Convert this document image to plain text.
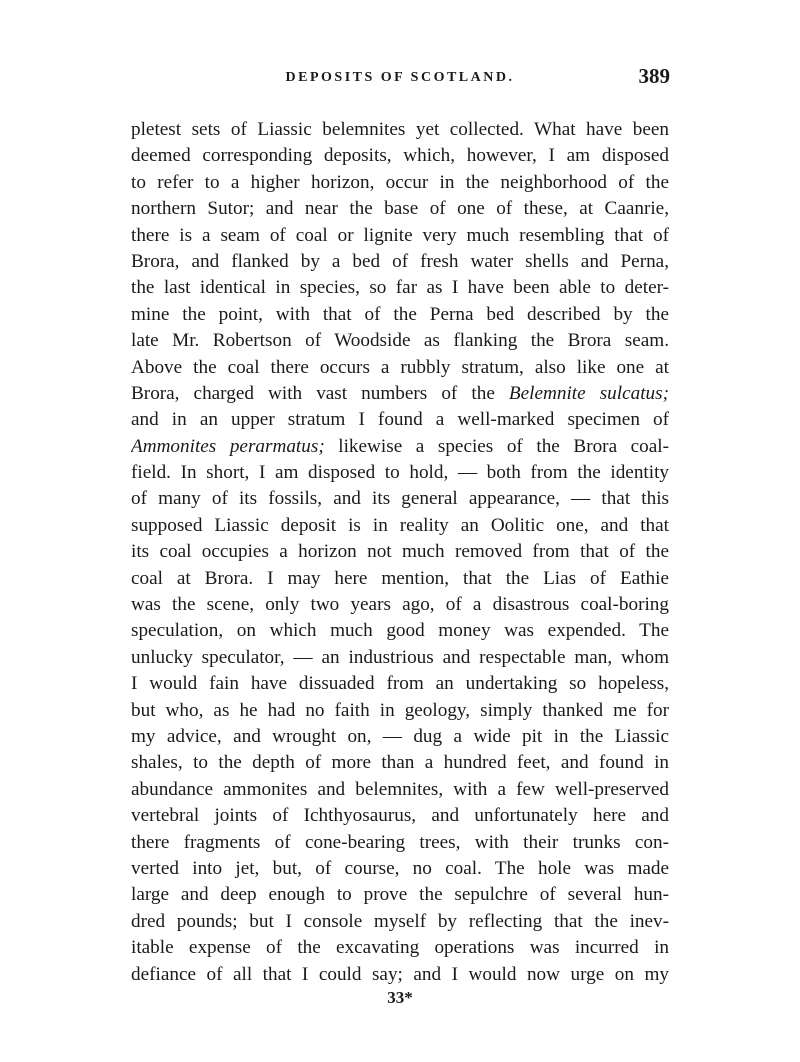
DEPOSITS OF SCOTLAND.	389
pletest sets of Liassic belemnites yet collected. What have been
deemed corresponding deposits, which, however, I am disposed
to refer to a higher horizon, occur in the neighborhood of the
northern Sutor; and near the base of one of these, at Caanrie,
there is a seam of coal or lignite very much resembling that of
Brora, and flanked by a bed of fresh water shells and Perna,
the last identical in species, so far as I have been able to deter-
mine the point, with that of the Perna bed described by the
late Mr. Robertson of Woodside as flanking the Brora seam.
Above the coal there occurs a rubbly stratum, also like one at
Brora, charged with vast numbers of the Belemnite sulcatus;
and in an upper stratum I found a well-marked specimen of
Ammonites perarmatus; likewise a species of the Brora coal-
field. In short, I am disposed to hold, — both from the identity
of many of its fossils, and its general appearance, — that this
supposed Liassic deposit is in reality an Oolitic one, and that
its coal occupies a horizon not much removed from that of the
coal at Brora. I may here mention, that the Lias of Eathie
was the scene, only two years ago, of a disastrous coal-boring
speculation, on which much good money was expended. The
unlucky speculator, — an industrious and respectable man, whom
I would fain have dissuaded from an undertaking so hopeless,
but who, as he had no faith in geology, simply thanked me for
my advice, and wrought on, — dug a wide pit in the Liassic
shales, to the depth of more than a hundred feet, and found in
abundance ammonites and belemnites, with a few well-preserved
vertebral joints of Ichthyosaurus, and unfortunately here and
there fragments of cone-bearing trees, with their trunks con-
verted into jet, but, of course, no coal. The hole was made
large and deep enough to prove the sepulchre of several hun-
dred pounds; but I console myself by reflecting that the inev-
itable expense of the excavating operations was incurred in
defiance of all that I could say; and I would now urge on my
33*
